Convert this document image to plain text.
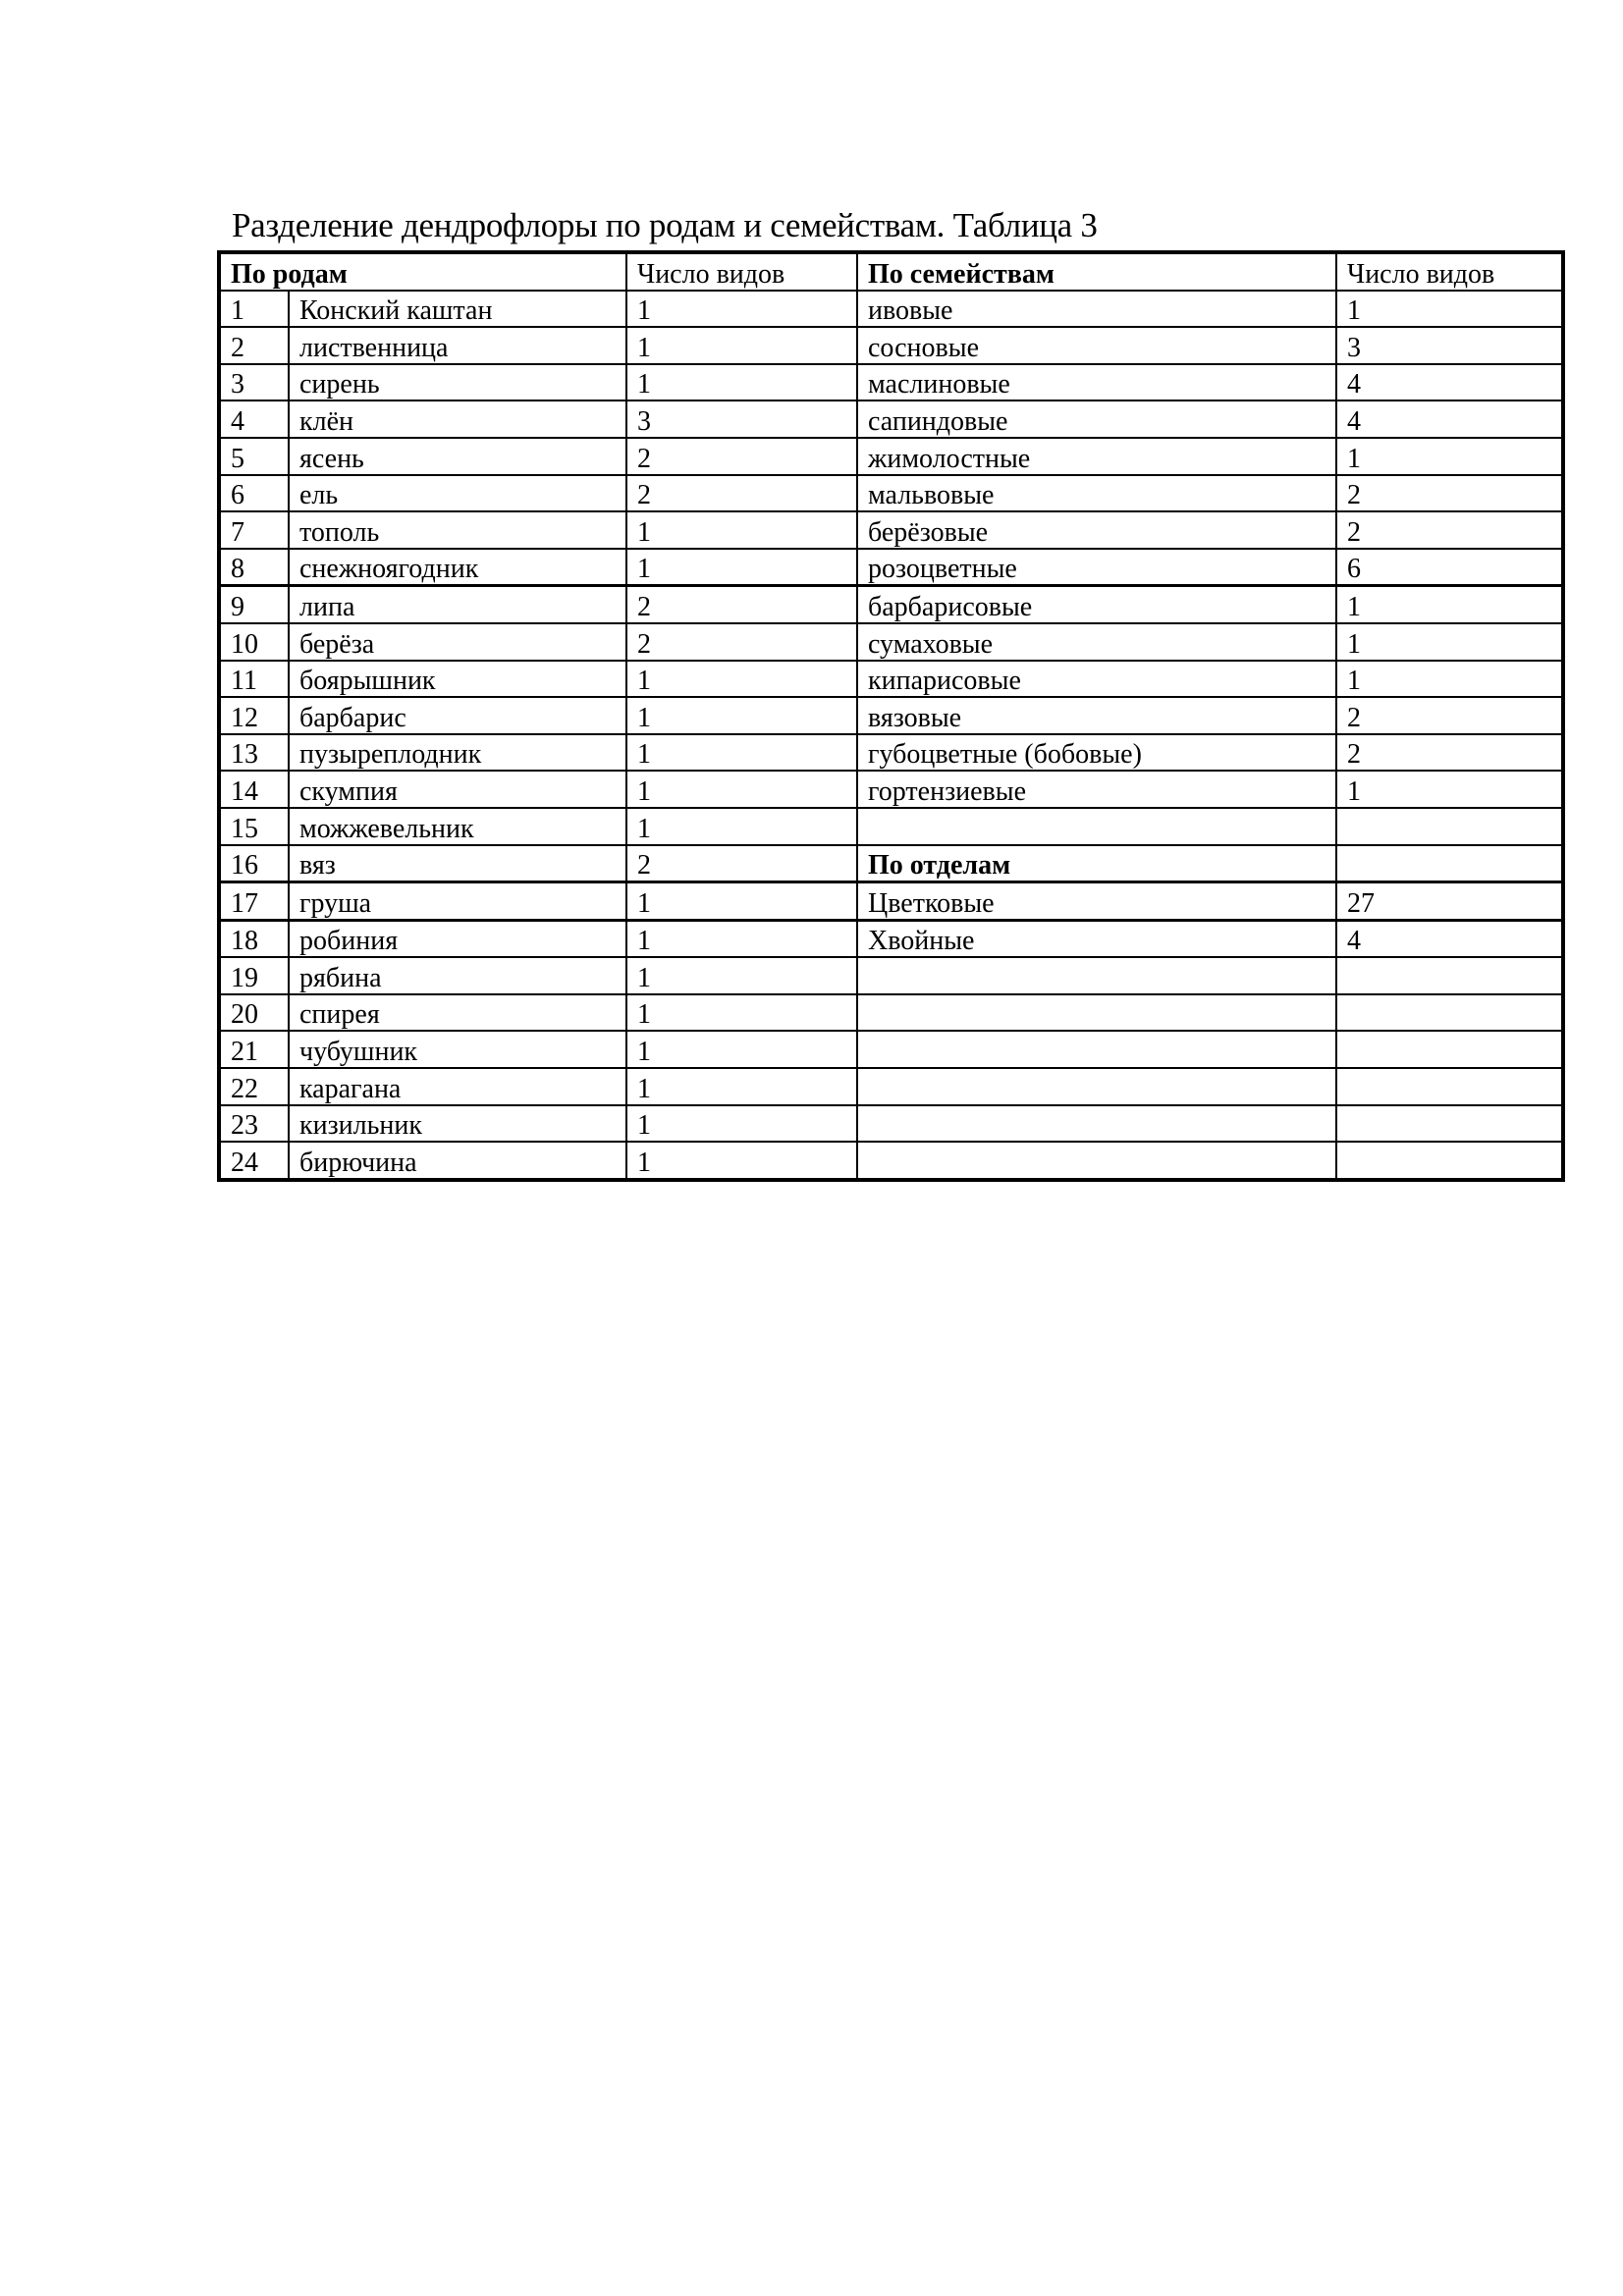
Разделение дендрофлоры по родам и семействам. Таблица 3
По родам		Число видов	По семействам	Число видов
1	Конский каштан	1	ивовые	1
2	лиственница	1	сосновые	3
3	сирень	1	маслиновые	4
4	клён	3	сапиндовые	4
5	ясень	2	жимолостные	1
6	ель	2	мальвовые	2
7	тополь	1	берёзовые	2
8	снежноягодник	1	розоцветные	6
9	липа	2	барбарисовые	1
10	берёза	2	сумаховые	1
11	боярышник	1	кипарисовые	1
12	барбарис	1	вязовые	2
13	пузыреплодник	1	губоцветные (бобовые)	2
14	скумпия	1	гортензиевые	1
15	можжевельник	1		
16	вяз	2	По отделам	
17	груша	1	Цветковые	27
18	робиния	1	Хвойные	4
19	рябина	1		
20	спирея	1		
21	чубушник	1		
22	карагана	1		
23	кизильник	1		
24	бирючина	1		
